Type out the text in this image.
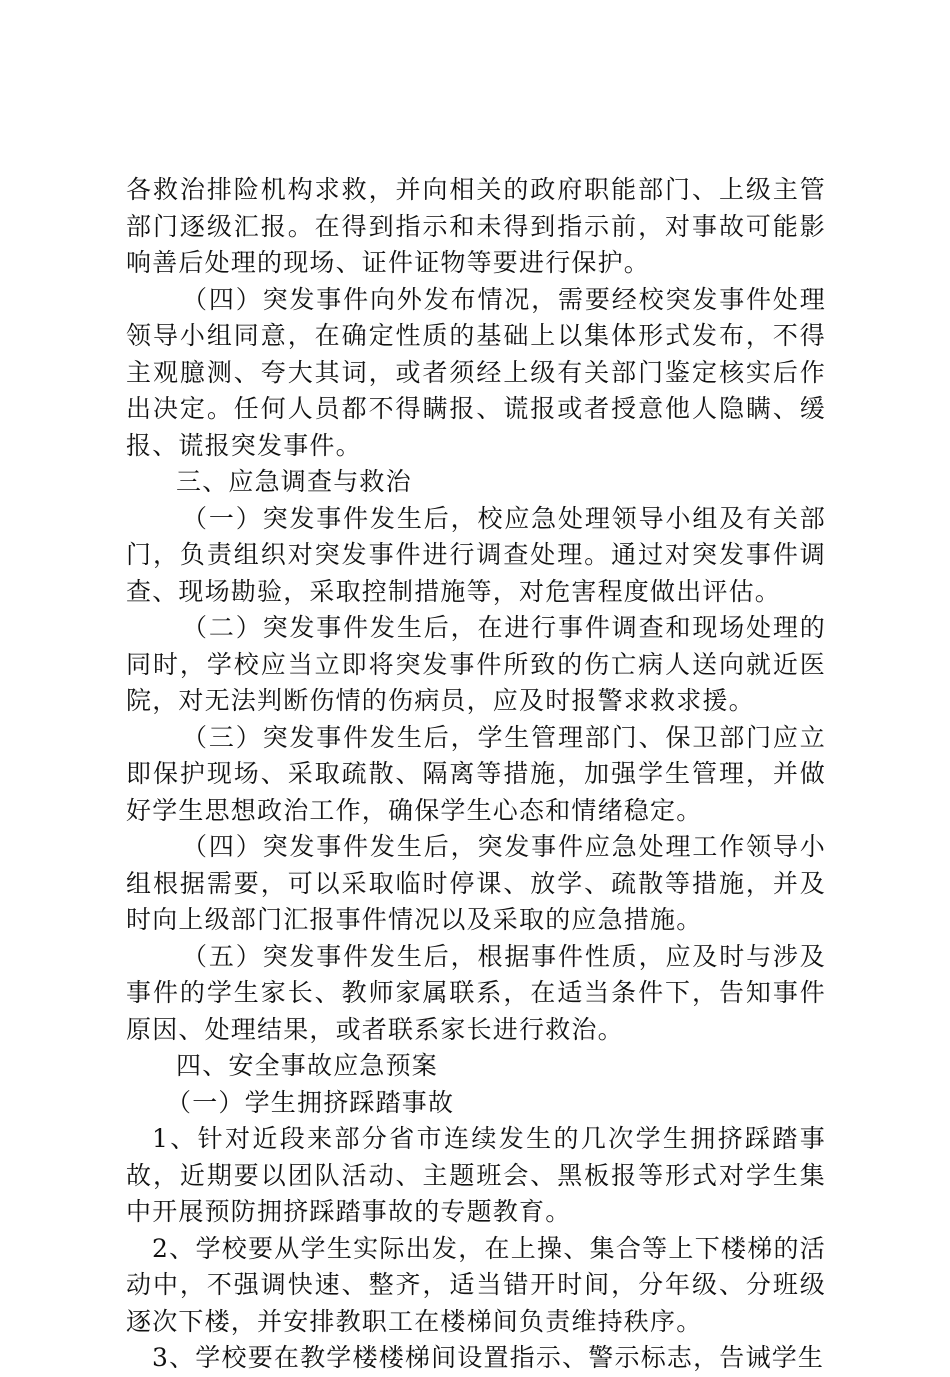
各救治排险机构求救，并向相关的政府职能部门、上级主管部门逐级汇报。在得到指示和未得到指示前，对事故可能影响善后处理的现场、证件证物等要进行保护。

（四）突发事件向外发布情况，需要经校突发事件处理领导小组同意，在确定性质的基础上以集体形式发布，不得主观臆测、夸大其词，或者须经上级有关部门鉴定核实后作出决定。任何人员都不得瞒报、谎报或者授意他人隐瞒、缓报、谎报突发事件。

三、应急调查与救治

（一）突发事件发生后，校应急处理领导小组及有关部门，负责组织对突发事件进行调查处理。通过对突发事件调查、现场勘验，采取控制措施等，对危害程度做出评估。

（二）突发事件发生后，在进行事件调查和现场处理的同时，学校应当立即将突发事件所致的伤亡病人送向就近医院，对无法判断伤情的伤病员，应及时报警求救求援。

（三）突发事件发生后，学生管理部门、保卫部门应立即保护现场、采取疏散、隔离等措施，加强学生管理，并做好学生思想政治工作，确保学生心态和情绪稳定。

（四）突发事件发生后，突发事件应急处理工作领导小组根据需要，可以采取临时停课、放学、疏散等措施，并及时向上级部门汇报事件情况以及采取的应急措施。

（五）突发事件发生后，根据事件性质，应及时与涉及事件的学生家长、教师家属联系，在适当条件下，告知事件原因、处理结果，或者联系家长进行救治。

四、安全事故应急预案

（一）学生拥挤踩踏事故

1、针对近段来部分省市连续发生的几次学生拥挤踩踏事故，近期要以团队活动、主题班会、黑板报等形式对学生集中开展预防拥挤踩踏事故的专题教育。

2、学校要从学生实际出发，在上操、集合等上下楼梯的活动中，不强调快速、整齐，适当错开时间，分年级、分班级逐次下楼，并安排教职工在楼梯间负责维持秩序。

3、学校要在教学楼楼梯间设置指示、警示标志，告诫学生
